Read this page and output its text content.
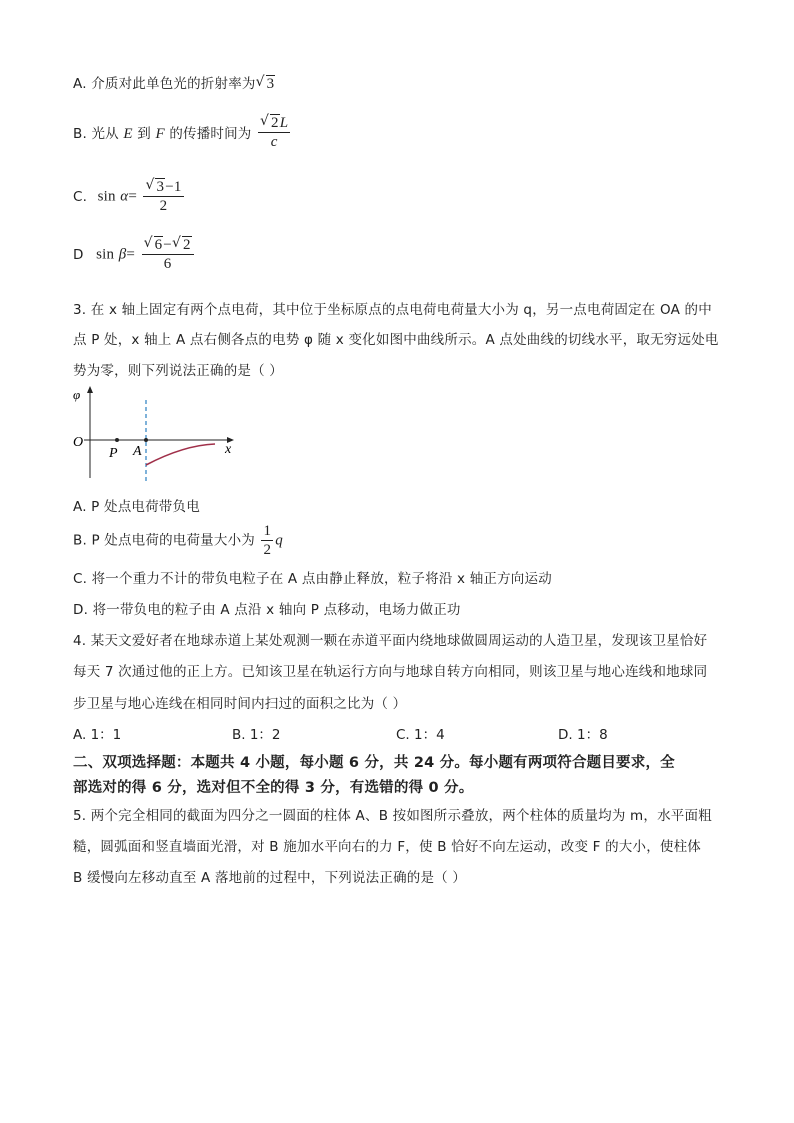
A. 介质对此单色光的折射率为 √ 3
B. 光从 E 到 F 的传播时间为 $\frac{√ 2L}{c}$
C. $\sin \alpha= \frac{√ 3-1}{2}$
D $\sin \beta= \frac{√ 6- √ 2}{6}$
3. 在 x 轴上固定有两个点电荷，其中位于坐标原点的点电荷电荷量大小为 q，另一点电荷固定在 OA 的中
点 P 处，x 轴上 A 点右侧各点的电势 φ 随 x 变化如图中曲线所示。A 点处曲线的切线水平，取无穷远处电
势为零，则下列说法正确的是（ ）
φ
O
P A	x
A. P 处点电荷带负电
B. P 处点电荷的电荷量大小为 $\frac{1}{2}$ q
C. 将一个重力不计的带负电粒子在 A 点由静止释放，粒子将沿 x 轴正方向运动
D. 将一带负电的粒子由 A 点沿 x 轴向 P 点移动，电场力做正功
4. 某天文爱好者在地球赤道上某处观测一颗在赤道平面内绕地球做圆周运动的人造卫星，发现该卫星恰好
每天 7 次通过他的正上方。已知该卫星在轨运行方向与地球自转方向相同，则该卫星与地心连线和地球同
步卫星与地心连线在相同时间内扫过的面积之比为（ ）
A. 1：1	B. 1：2	C. 1：4	D. 1：8
二、双项选择题：本题共 4 小题，每小题 6 分，共 24 分。每小题有两项符合题目要求，全
部选对的得 6 分，选对但不全的得 3 分，有选错的得 0 分。
5. 两个完全相同的截面为四分之一圆面的柱体 A、B 按如图所示叠放，两个柱体的质量均为 m，水平面粗
糙，圆弧面和竖直墙面光滑，对 B 施加水平向右的力 F，使 B 恰好不向左运动，改变 F 的大小，使柱体
B 缓慢向左移动直至 A 落地前的过程中，下列说法正确的是（ ）
